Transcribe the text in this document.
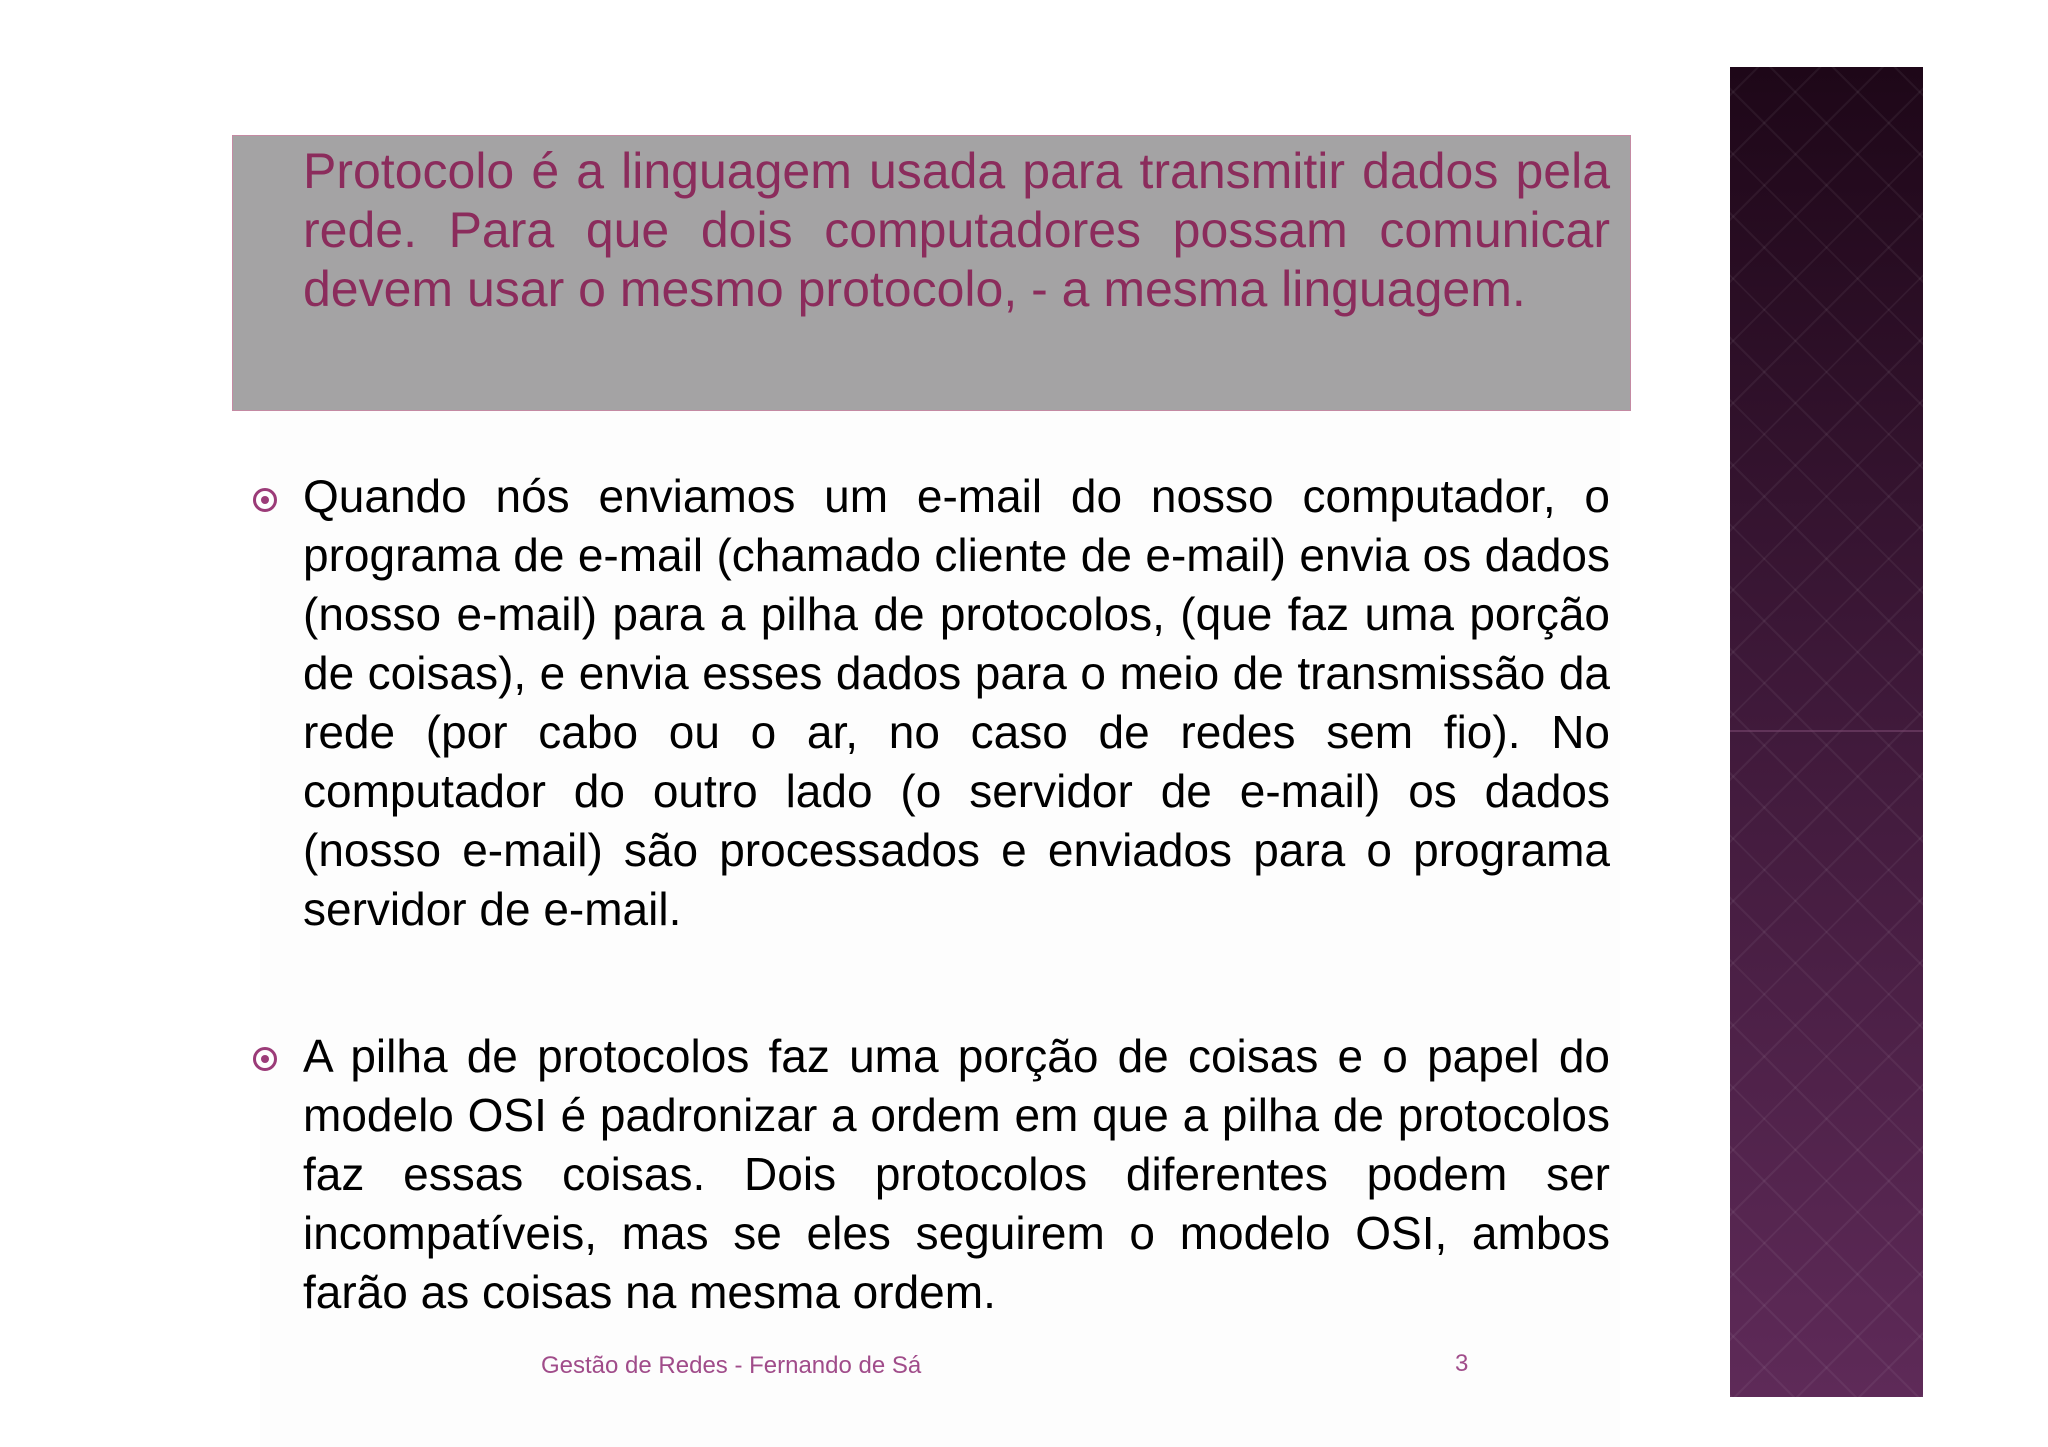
Protocolo é a linguagem usada para transmitir dados pela rede. Para que dois computadores possam comunicar devem usar o mesmo protocolo, - a mesma linguagem.

Quando nós enviamos um e-mail do nosso computador, o programa de e-mail (chamado cliente de e-mail) envia os dados (nosso e-mail) para a pilha de protocolos, (que faz uma porção de coisas), e envia esses dados para o meio de transmissão da rede (por cabo ou o ar, no caso de redes sem fio). No computador do outro lado (o servidor de e-mail) os dados (nosso e-mail) são processados e enviados para o programa servidor de e-mail.

A pilha de protocolos faz uma porção de coisas e o papel do modelo OSI é padronizar a ordem em que a pilha de protocolos faz essas coisas. Dois protocolos diferentes podem ser incompatíveis, mas se eles seguirem o modelo OSI, ambos farão as coisas na mesma ordem.

Gestão de Redes - Fernando de Sá	3
